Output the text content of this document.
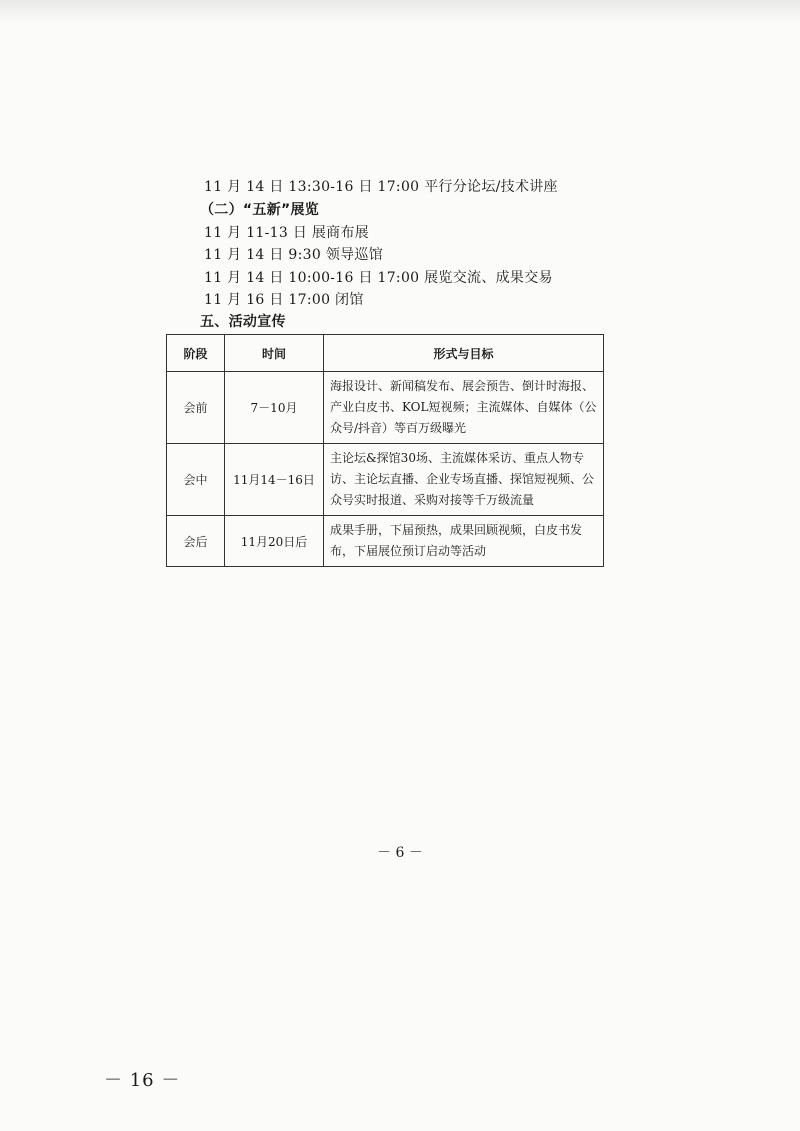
11 月 14 日 13:30-16 日 17:00 平行分论坛/技术讲座
（二）“五新”展览
11 月 11-13 日 展商布展
11 月 14 日 9:30 领导巡馆
11 月 14 日 10:00-16 日 17:00 展览交流、成果交易
11 月 16 日 17:00 闭馆
五、活动宣传
阶段	时间	形式与目标
会前	7－10月	海报设计、新闻稿发布、展会预告、倒计时海报、产业白皮书、KOL短视频；主流媒体、自媒体（公众号/抖音）等百万级曝光
会中	11月14－16日	主论坛&探馆30场、主流媒体采访、重点人物专访、主论坛直播、企业专场直播、探馆短视频、公众号实时报道、采购对接等千万级流量
会后	11月20日后	成果手册，下届预热，成果回顾视频，白皮书发布，下届展位预订启动等活动
－ 6 －
－ 16 －
